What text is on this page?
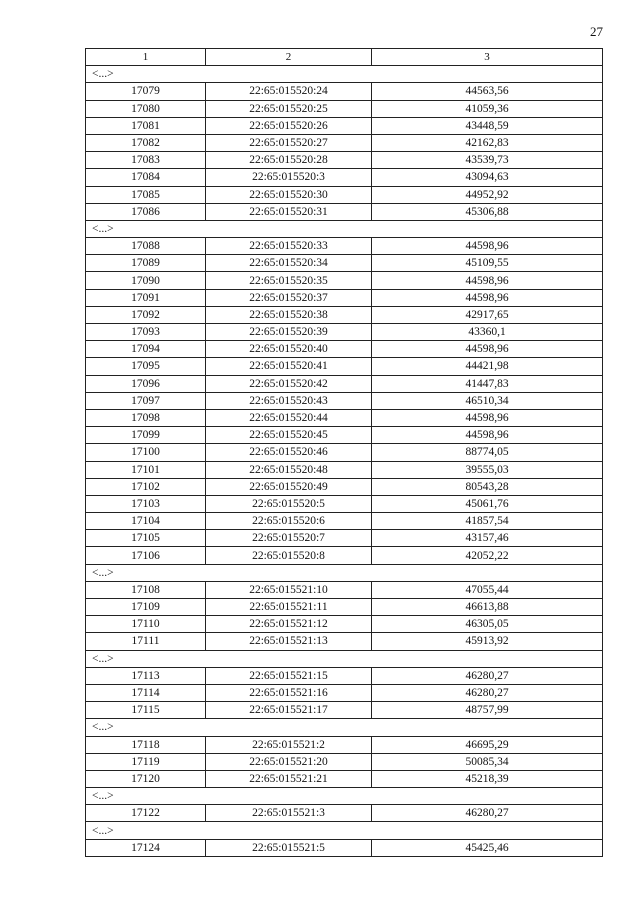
27
1	2	3
<...>		
17079	22:65:015520:24	44563,56
17080	22:65:015520:25	41059,36
17081	22:65:015520:26	43448,59
17082	22:65:015520:27	42162,83
17083	22:65:015520:28	43539,73
17084	22:65:015520:3	43094,63
17085	22:65:015520:30	44952,92
17086	22:65:015520:31	45306,88
<...>		
17088	22:65:015520:33	44598,96
17089	22:65:015520:34	45109,55
17090	22:65:015520:35	44598,96
17091	22:65:015520:37	44598,96
17092	22:65:015520:38	42917,65
17093	22:65:015520:39	43360,1
17094	22:65:015520:40	44598,96
17095	22:65:015520:41	44421,98
17096	22:65:015520:42	41447,83
17097	22:65:015520:43	46510,34
17098	22:65:015520:44	44598,96
17099	22:65:015520:45	44598,96
17100	22:65:015520:46	88774,05
17101	22:65:015520:48	39555,03
17102	22:65:015520:49	80543,28
17103	22:65:015520:5	45061,76
17104	22:65:015520:6	41857,54
17105	22:65:015520:7	43157,46
17106	22:65:015520:8	42052,22
<...>		
17108	22:65:015521:10	47055,44
17109	22:65:015521:11	46613,88
17110	22:65:015521:12	46305,05
17111	22:65:015521:13	45913,92
<...>		
17113	22:65:015521:15	46280,27
17114	22:65:015521:16	46280,27
17115	22:65:015521:17	48757,99
<...>		
17118	22:65:015521:2	46695,29
17119	22:65:015521:20	50085,34
17120	22:65:015521:21	45218,39
<...>		
17122	22:65:015521:3	46280,27
<...>		
17124	22:65:015521:5	45425,46
